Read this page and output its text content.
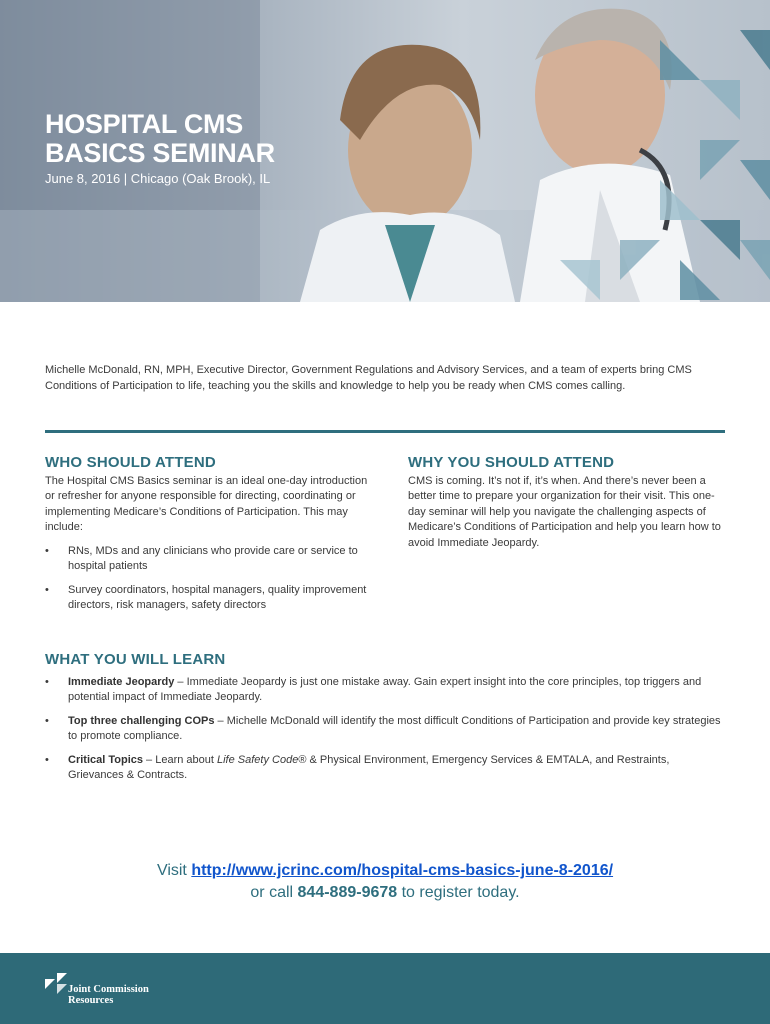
HOSPITAL CMS
BASICS SEMINAR
June 8, 2016 | Chicago (Oak Brook), IL

Michelle McDonald, RN, MPH, Executive Director, Government Regulations and Advisory Services, and a team of experts bring CMS Conditions of Participation to life, teaching you the skills and knowledge to help you be ready when CMS comes calling.

WHO SHOULD ATTEND

The Hospital CMS Basics seminar is an ideal one-day introduction or refresher for anyone responsible for directing, coordinating or implementing Medicare’s Conditions of Participation. This may include:

• RNs, MDs and any clinicians who provide care or service to hospital patients
• Survey coordinators, hospital managers, quality improvement directors, risk managers, safety directors
WHY YOU SHOULD ATTEND

CMS is coming. It’s not if, it’s when. And there’s never been a better time to prepare your organization for their visit. This one-day seminar will help you navigate the challenging aspects of Medicare’s Conditions of Participation and help you learn how to avoid Immediate Jeopardy.

WHAT YOU WILL LEARN
• Immediate Jeopardy – Immediate Jeopardy is just one mistake away. Gain expert insight into the core principles, top triggers and potential impact of Immediate Jeopardy.
• Top three challenging COPs – Michelle McDonald will identify the most difficult Conditions of Participation and provide key strategies to promote compliance.
• Critical Topics – Learn about Life Safety Code® & Physical Environment, Emergency Services & EMTALA, and Restraints, Grievances & Contracts.
Visit http://www.jcrinc.com/hospital-cms-basics-june-8-2016/
or call 844-889-9678 to register today.
Joint Commission
Resources
